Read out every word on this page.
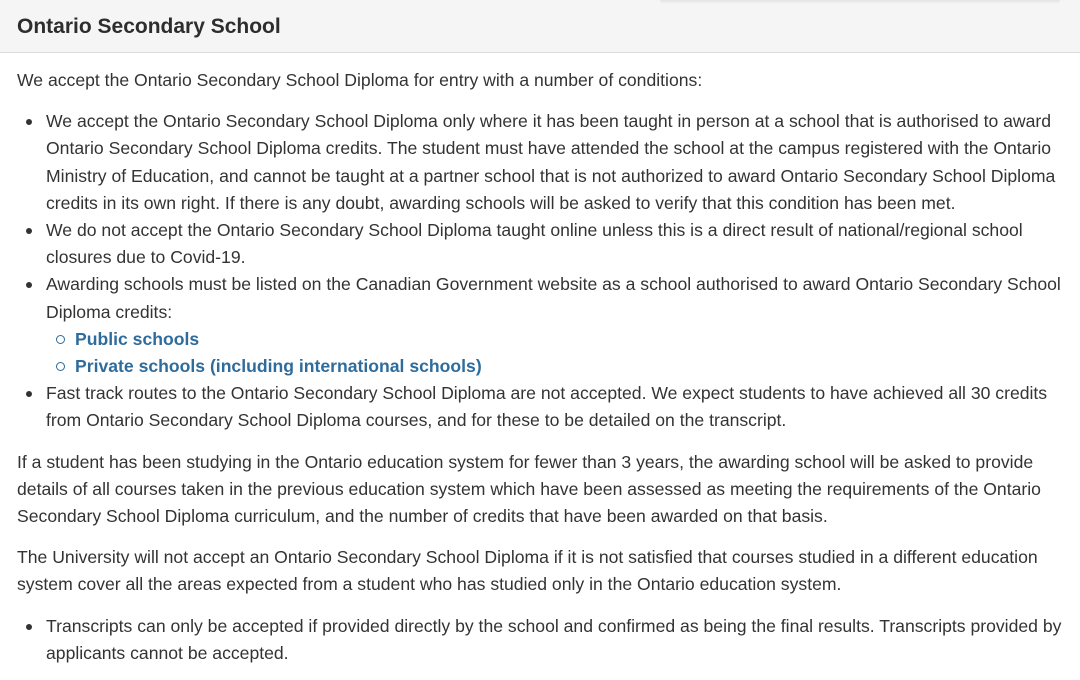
Ontario Secondary School

We accept the Ontario Secondary School Diploma for entry with a number of conditions:

We accept the Ontario Secondary School Diploma only where it has been taught in person at a school that is authorised to award Ontario Secondary School Diploma credits. The student must have attended the school at the campus registered with the Ontario Ministry of Education, and cannot be taught at a partner school that is not authorized to award Ontario Secondary School Diploma credits in its own right. If there is any doubt, awarding schools will be asked to verify that this condition has been met.
We do not accept the Ontario Secondary School Diploma taught online unless this is a direct result of national/regional school closures due to Covid-19.
Awarding schools must be listed on the Canadian Government website as a school authorised to award Ontario Secondary School Diploma credits:
Public schools
Private schools (including international schools)
Fast track routes to the Ontario Secondary School Diploma are not accepted. We expect students to have achieved all 30 credits from Ontario Secondary School Diploma courses, and for these to be detailed on the transcript.

If a student has been studying in the Ontario education system for fewer than 3 years, the awarding school will be asked to provide details of all courses taken in the previous education system which have been assessed as meeting the requirements of the Ontario Secondary School Diploma curriculum, and the number of credits that have been awarded on that basis.

The University will not accept an Ontario Secondary School Diploma if it is not satisfied that courses studied in a different education system cover all the areas expected from a student who has studied only in the Ontario education system.

Transcripts can only be accepted if provided directly by the school and confirmed as being the final results. Transcripts provided by applicants cannot be accepted.
